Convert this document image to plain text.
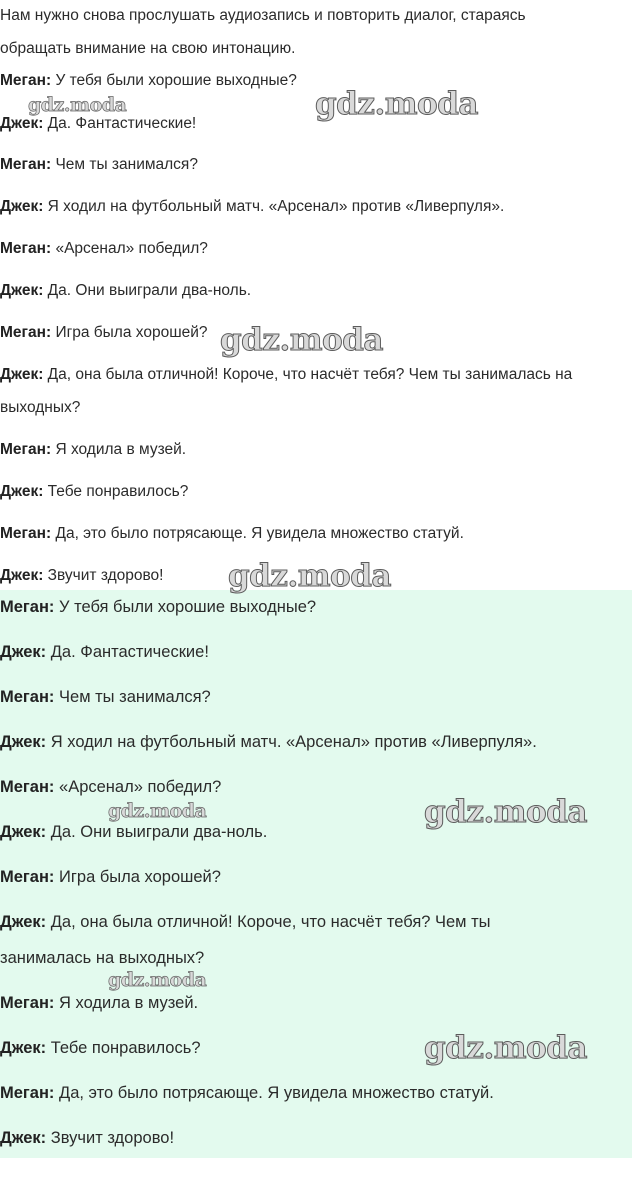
Нам нужно снова прослушать аудиозапись и повторить диалог, стараясь
обращать внимание на свою интонацию.
Меган: У тебя были хорошие выходные?
Джек: Да. Фантастические!
Меган: Чем ты занимался?
Джек: Я ходил на футбольный матч. «Арсенал» против «Ливерпуля».
Меган: «Арсенал» победил?
Джек: Да. Они выиграли два-ноль.
Меган: Игра была хорошей?
Джек: Да, она была отличной! Короче, что насчёт тебя? Чем ты занималась на
выходных?
Меган: Я ходила в музей.
Джек: Тебе понравилось?
Меган: Да, это было потрясающе. Я увидела множество статуй.
Джек: Звучит здорово!
Меган: У тебя были хорошие выходные?
Джек: Да. Фантастические!
Меган: Чем ты занимался?
Джек: Я ходил на футбольный матч. «Арсенал» против «Ливерпуля».
Меган: «Арсенал» победил?
Джек: Да. Они выиграли два-ноль.
Меган: Игра была хорошей?
Джек: Да, она была отличной! Короче, что насчёт тебя? Чем ты
занималась на выходных?
Меган: Я ходила в музей.
Джек: Тебе понравилось?
Меган: Да, это было потрясающе. Я увидела множество статуй.
Джек: Звучит здорово!
gdz.moda	gdz.moda
gdz.moda
gdz.moda
gdz.moda	gdz.moda
gdz.moda
gdz.moda
